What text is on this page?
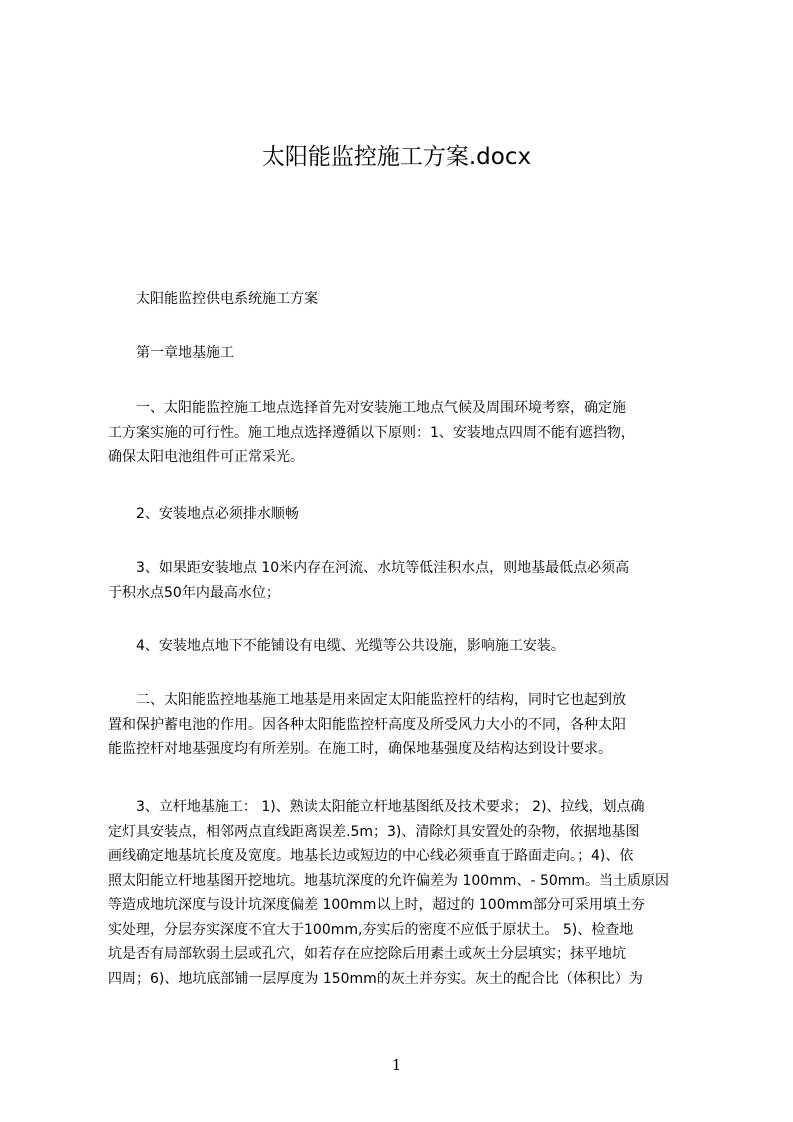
太阳能监控施工方案.docx
　　太阳能监控供电系统施工方案
　　第一章地基施工
　　一、太阳能监控施工地点选择首先对安装施工地点气候及周围环境考察，确定施
工方案实施的可行性。施工地点选择遵循以下原则：1、安装地点四周不能有遮挡物，
确保太阳电池组件可正常采光。
　　2、安装地点必须排水顺畅
　　3、如果距安装地点 10米内存在河流、水坑等低洼积水点，则地基最低点必须高
于积水点50年内最高水位；
　　4、安装地点地下不能铺设有电缆、光缆等公共设施，影响施工安装。
　　二、太阳能监控地基施工地基是用来固定太阳能监控杆的结构，同时它也起到放
置和保护蓄电池的作用。因各种太阳能监控杆高度及所受风力大小的不同，各种太阳
能监控杆对地基强度均有所差别。在施工时，确保地基强度及结构达到设计要求。
　　3、立杆地基施工： 1)、熟读太阳能立杆地基图纸及技术要求； 2)、拉线，划点确
定灯具安装点，相邻两点直线距离误差.5m；3)、清除灯具安置处的杂物，依据地基图
画线确定地基坑长度及宽度。地基长边或短边的中心线必须垂直于路面走向。；4)、依
照太阳能立杆地基图开挖地坑。地基坑深度的允许偏差为 100mm、- 50mm。当土质原因
等造成地坑深度与设计坑深度偏差 100mm以上时，超过的 100mm部分可采用填土夯
实处理，分层夯实深度不宜大于100mm,夯实后的密度不应低于原状土。 5)、检查地
坑是否有局部软弱土层或孔穴，如若存在应挖除后用素土或灰土分层填实；抹平地坑
四周；6)、地坑底部铺一层厚度为 150mm的灰土并夯实。灰土的配合比（体积比）为
1
